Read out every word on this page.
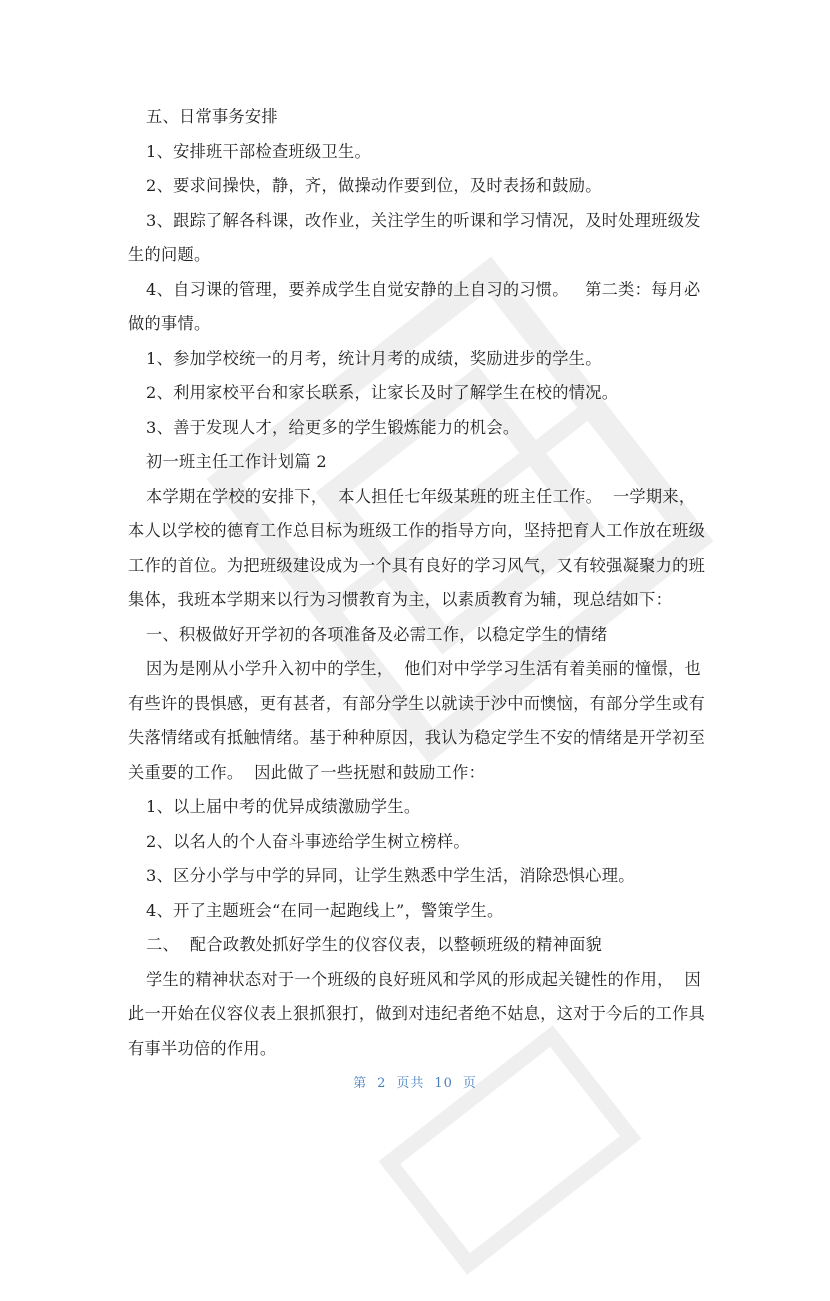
五、日常事务安排

1、安排班干部检查班级卫生。

2、要求间操快，静，齐，做操动作要到位，及时表扬和鼓励。

3、跟踪了解各科课，改作业，关注学生的听课和学习情况，及时处理班级发生的问题。

4、自习课的管理，要养成学生自觉安静的上自习的习惯。   第二类：每月必做的事情。

1、参加学校统一的月考，统计月考的成绩，奖励进步的学生。

2、利用家校平台和家长联系，让家长及时了解学生在校的情况。

3、善于发现人才，给更多的学生锻炼能力的机会。

初一班主任工作计划篇 2

本学期在学校的安排下，  本人担任七年级某班的班主任工作。  一学期来，  本人以学校的德育工作总目标为班级工作的指导方向，坚持把育人工作放在班级工作的首位。为把班级建设成为一个具有良好的学习风气，又有较强凝聚力的班集体，我班本学期来以行为习惯教育为主，以素质教育为辅，现总结如下：

一、积极做好开学初的各项准备及必需工作，以稳定学生的情绪

因为是刚从小学升入初中的学生，  他们对中学学习生活有着美丽的憧憬，也有些许的畏惧感，更有甚者，有部分学生以就读于沙中而懊恼，有部分学生或有失落情绪或有抵触情绪。基于种种原因，我认为稳定学生不安的情绪是开学初至关重要的工作。  因此做了一些抚慰和鼓励工作：

1、以上届中考的优异成绩激励学生。

2、以名人的个人奋斗事迹给学生树立榜样。

3、区分小学与中学的异同，让学生熟悉中学生活，消除恐惧心理。

4、开了主题班会“在同一起跑线上”，警策学生。

二、  配合政教处抓好学生的仪容仪表，以整顿班级的精神面貌

学生的精神状态对于一个班级的良好班风和学风的形成起关键性的作用，  因此一开始在仪容仪表上狠抓狠打，做到对违纪者绝不姑息，这对于今后的工作具有事半功倍的作用。

第 2 页共 10 页
